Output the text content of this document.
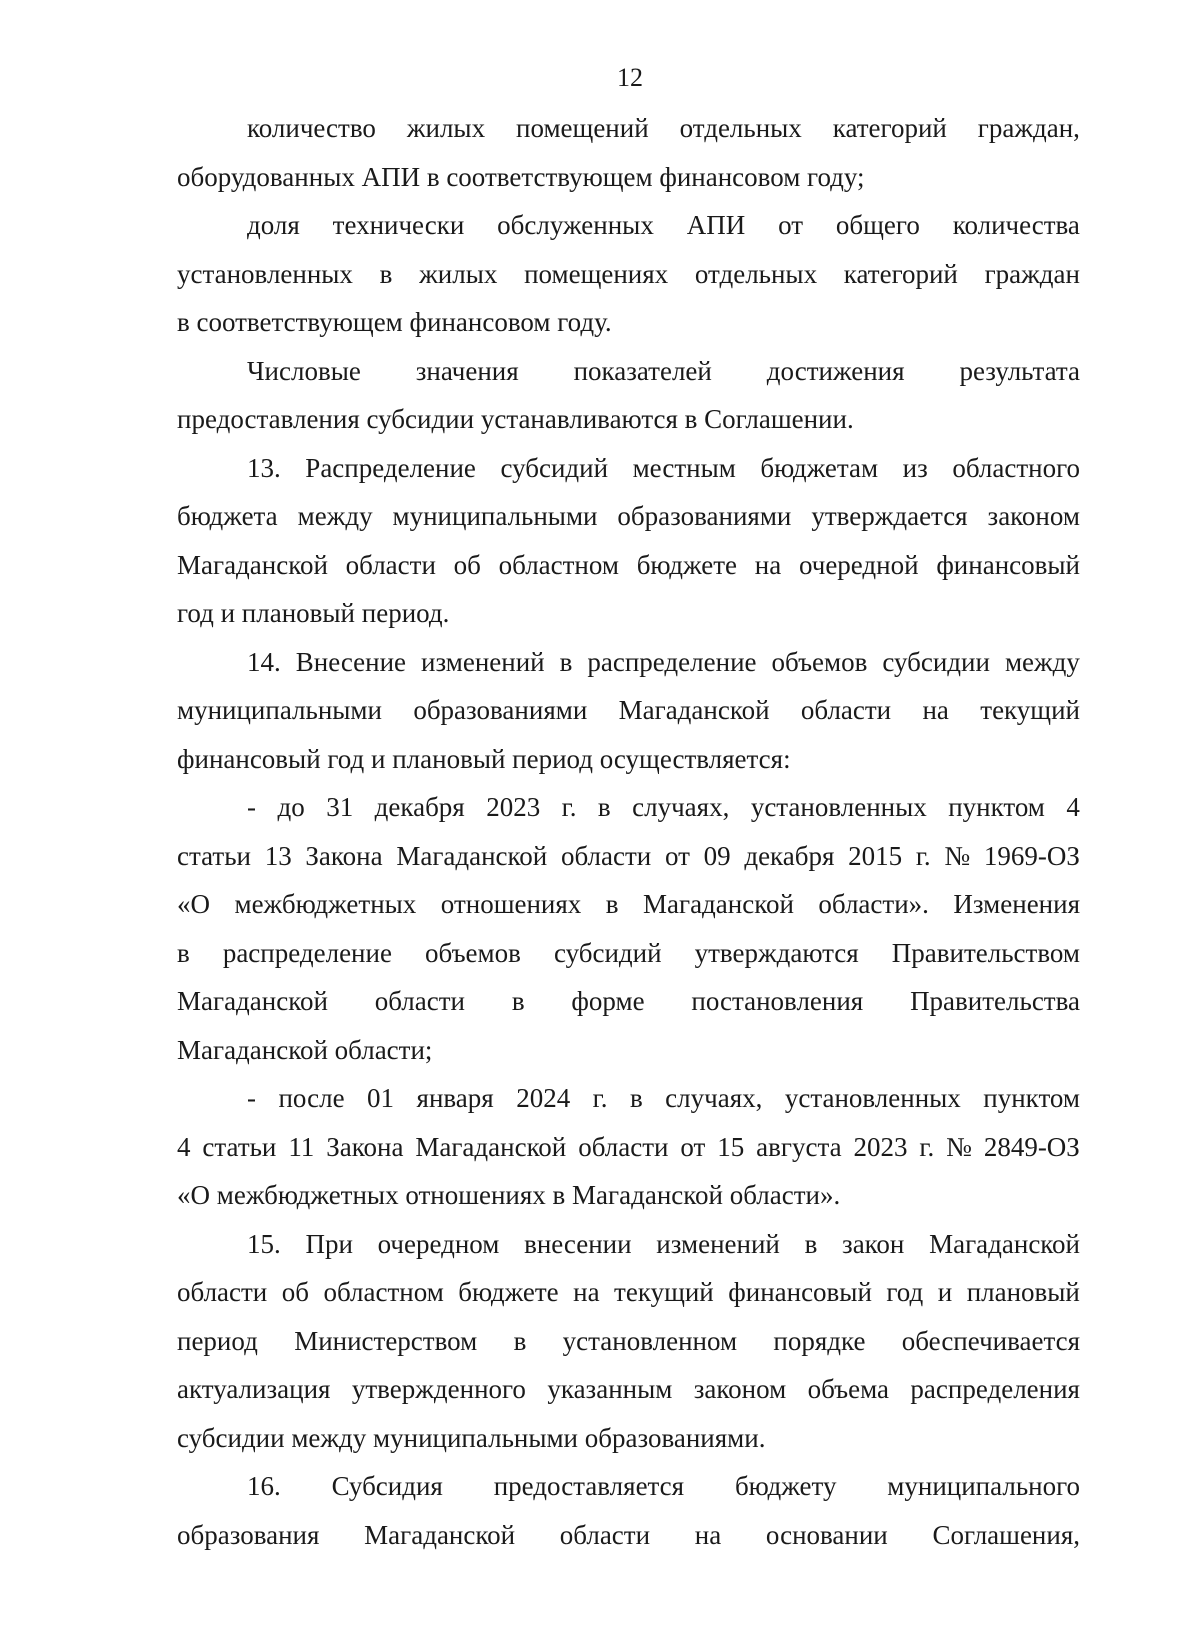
12
количество жилых помещений отдельных категорий граждан,
оборудованных АПИ в соответствующем финансовом году;
доля технически обслуженных АПИ от общего количества
установленных в жилых помещениях отдельных категорий граждан
в соответствующем финансовом году.
Числовые значения показателей достижения результата
предоставления субсидии устанавливаются в Соглашении.
13. Распределение субсидий местным бюджетам из областного
бюджета между муниципальными образованиями утверждается законом
Магаданской области об областном бюджете на очередной финансовый
год и плановый период.
14. Внесение изменений в распределение объемов субсидии между
муниципальными образованиями Магаданской области на текущий
финансовый год и плановый период осуществляется:
- до 31 декабря 2023 г. в случаях, установленных пунктом 4
статьи 13 Закона Магаданской области от 09 декабря 2015 г. № 1969-ОЗ
«О межбюджетных отношениях в Магаданской области». Изменения
в распределение объемов субсидий утверждаются Правительством
Магаданской области в форме постановления Правительства
Магаданской области;
- после 01 января 2024 г. в случаях, установленных пунктом
4 статьи 11 Закона Магаданской области от 15 августа 2023 г. № 2849-ОЗ
«О межбюджетных отношениях в Магаданской области».
15. При очередном внесении изменений в закон Магаданской
области об областном бюджете на текущий финансовый год и плановый
период Министерством в установленном порядке обеспечивается
актуализация утвержденного указанным законом объема распределения
субсидии между муниципальными образованиями.
16. Субсидия предоставляется бюджету муниципального
образования Магаданской области на основании Соглашения,
